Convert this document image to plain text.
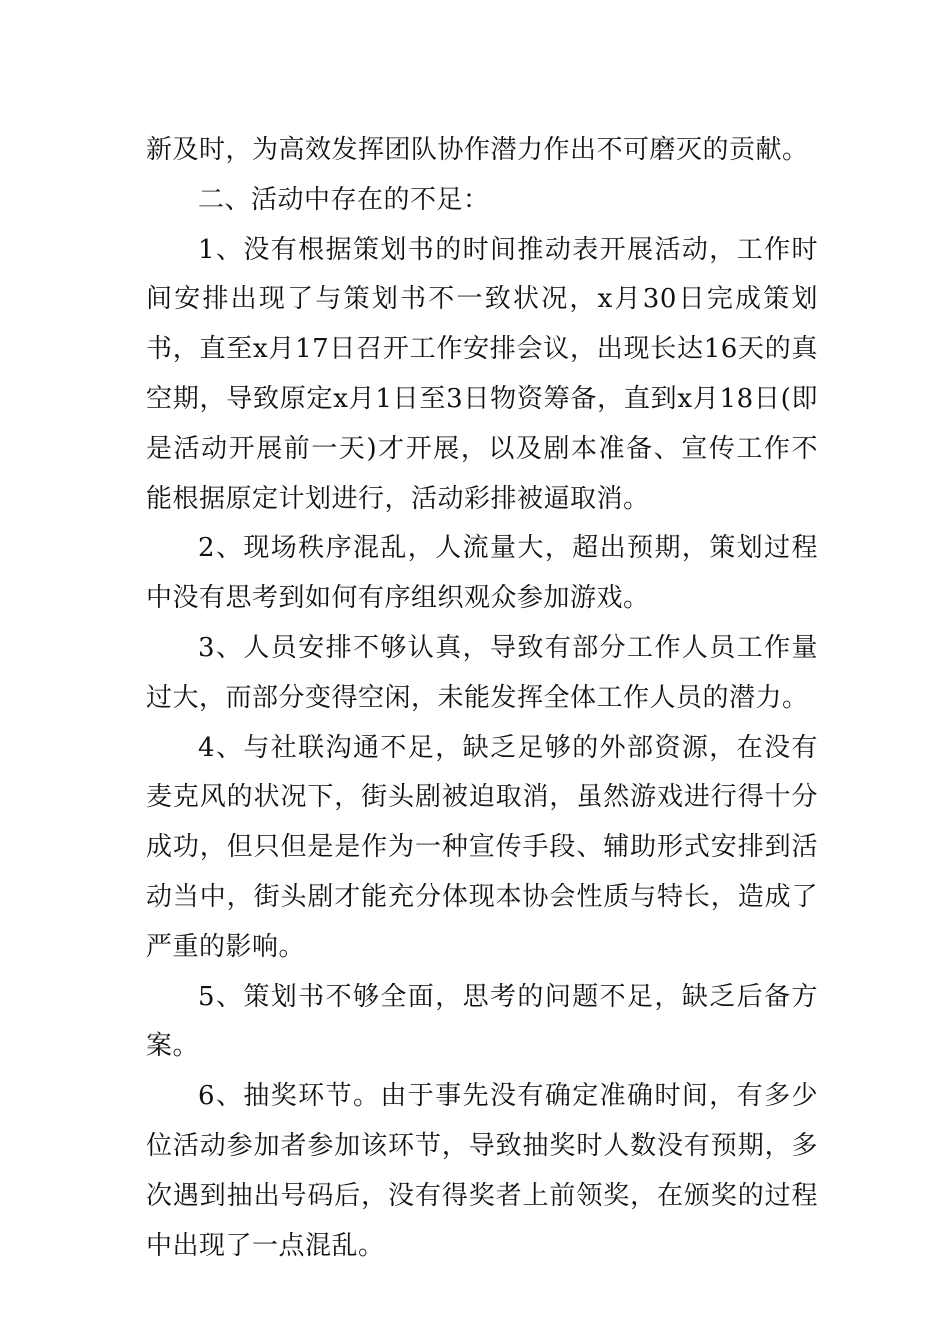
新及时，为高效发挥团队协作潜力作出不可磨灭的贡献。

二、活动中存在的不足：

1、没有根据策划书的时间推动表开展活动，工作时间安排出现了与策划书不一致状况，x月30日完成策划书，直至x月17日召开工作安排会议，出现长达16天的真空期，导致原定x月1日至3日物资筹备，直到x月18日(即是活动开展前一天)才开展，以及剧本准备、宣传工作不能根据原定计划进行，活动彩排被逼取消。

2、现场秩序混乱，人流量大，超出预期，策划过程中没有思考到如何有序组织观众参加游戏。

3、人员安排不够认真，导致有部分工作人员工作量过大，而部分变得空闲，未能发挥全体工作人员的潜力。

4、与社联沟通不足，缺乏足够的外部资源，在没有麦克风的状况下，街头剧被迫取消，虽然游戏进行得十分成功，但只但是是作为一种宣传手段、辅助形式安排到活动当中，街头剧才能充分体现本协会性质与特长，造成了严重的影响。

5、策划书不够全面，思考的问题不足，缺乏后备方案。

6、抽奖环节。由于事先没有确定准确时间，有多少位活动参加者参加该环节，导致抽奖时人数没有预期，多次遇到抽出号码后，没有得奖者上前领奖，在颁奖的过程中出现了一点混乱。
